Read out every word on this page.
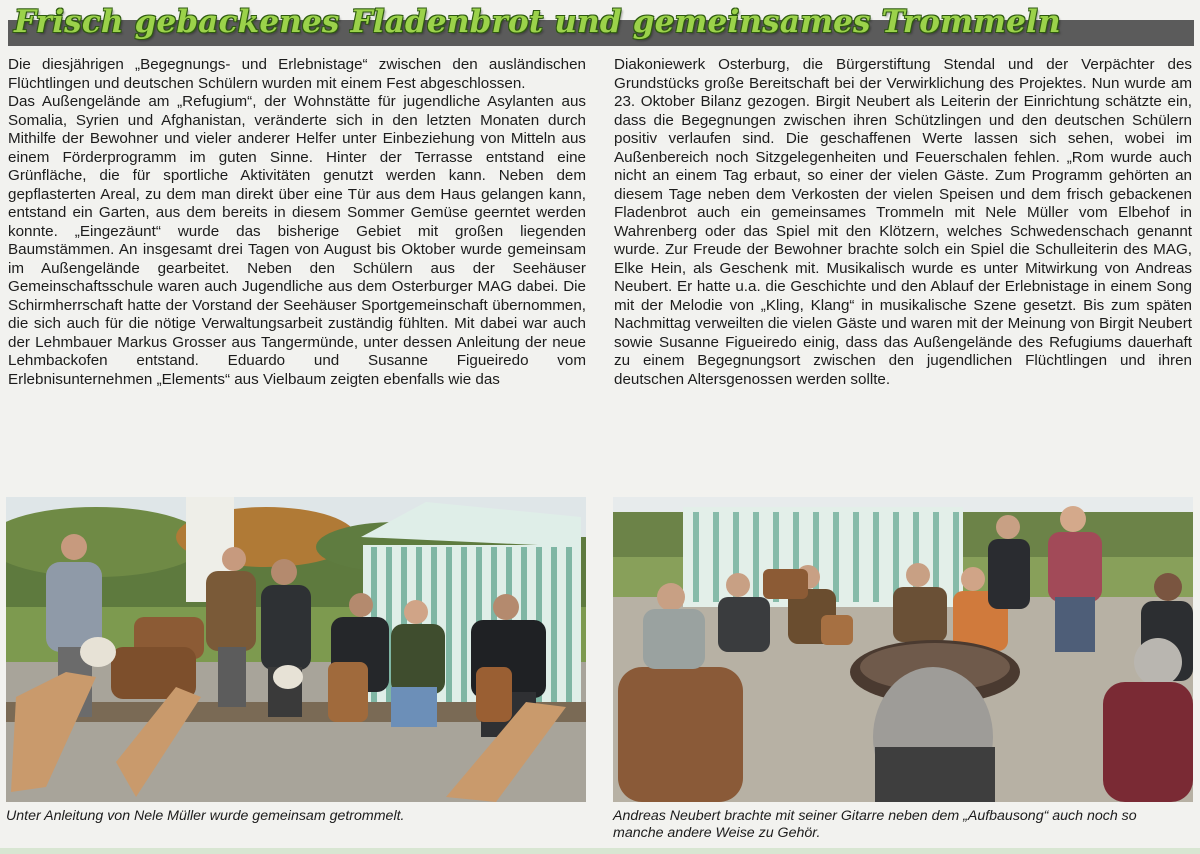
Frisch gebackenes Fladenbrot und gemeinsames Trommeln

Die diesjährigen „Begegnungs- und Erlebnistage“ zwischen den ausländischen Flüchtlingen und deutschen Schülern wurden mit einem Fest abgeschlossen.

Das Außengelände am „Refugium“, der Wohnstätte für jugendliche Asylanten aus Somalia, Syrien und Afghanistan, veränderte sich in den letzten Monaten durch Mithilfe der Bewohner und vieler anderer Helfer unter Einbeziehung von Mitteln aus einem Förderprogramm im guten Sinne. Hinter der Terrasse entstand eine Grünfläche, die für sportliche Aktivitäten genutzt werden kann. Neben dem gepflasterten Areal, zu dem man direkt über eine Tür aus dem Haus gelangen kann, entstand ein Garten, aus dem bereits in diesem Sommer Gemüse geerntet werden konnte. „Eingezäunt“ wurde das bisherige Gebiet mit großen liegenden Baumstämmen. An insgesamt drei Tagen von August bis Oktober wurde gemeinsam im Außengelände gearbeitet. Neben den Schülern aus der Seehäuser Gemeinschaftsschule waren auch Jugendliche aus dem Osterburger MAG dabei. Die Schirmherrschaft hatte der Vorstand der Seehäuser Sportgemeinschaft übernommen, die sich auch für die nötige Verwaltungsarbeit zuständig fühlten. Mit dabei war auch der Lehmbauer Markus Grosser aus Tangermünde, unter dessen Anleitung der neue Lehmbackofen entstand. Eduardo und Susanne Figueiredo vom Erlebnisunternehmen „Elements“ aus Vielbaum zeigten ebenfalls wie das

Diakoniewerk Osterburg, die Bürgerstiftung Stendal und der Verpächter des Grundstücks große Bereitschaft bei der Verwirklichung des Projektes. Nun wurde am 23. Oktober Bilanz gezogen. Birgit Neubert als Leiterin der Einrichtung schätzte ein, dass die Begegnungen zwischen ihren Schützlingen und den deutschen Schülern positiv verlaufen sind. Die geschaffenen Werte lassen sich sehen, wobei im Außenbereich noch Sitzgelegenheiten und Feuerschalen fehlen. „Rom wurde auch nicht an einem Tag erbaut, so einer der vielen Gäste. Zum Programm gehörten an diesem Tage neben dem Verkosten der vielen Speisen und dem frisch gebackenen Fladenbrot auch ein gemeinsames Trommeln mit Nele Müller vom Elbehof in Wahrenberg oder das Spiel mit den Klötzern, welches Schwedenschach genannt wurde. Zur Freude der Bewohner brachte solch ein Spiel die Schulleiterin des MAG, Elke Hein, als Geschenk mit. Musikalisch wurde es unter Mitwirkung von Andreas Neubert. Er hatte u.a. die Geschichte und den Ablauf der Erlebnistage in einem Song mit der Melodie von „Kling, Klang“ in musikalische Szene gesetzt. Bis zum späten Nachmittag verweilten die vielen Gäste und waren mit der Meinung von Birgit Neubert sowie Susanne Figueiredo einig, dass das Außengelände des Refugiums dauerhaft zu einem Begegnungsort zwischen den jugendlichen Flüchtlingen und ihren deutschen Altersgenossen werden sollte.

Unter Anleitung von Nele Müller wurde gemeinsam getrommelt.	Andreas Neubert brachte mit seiner Gitarre neben dem „Aufbausong“ auch noch so manche andere Weise zu Gehör.
